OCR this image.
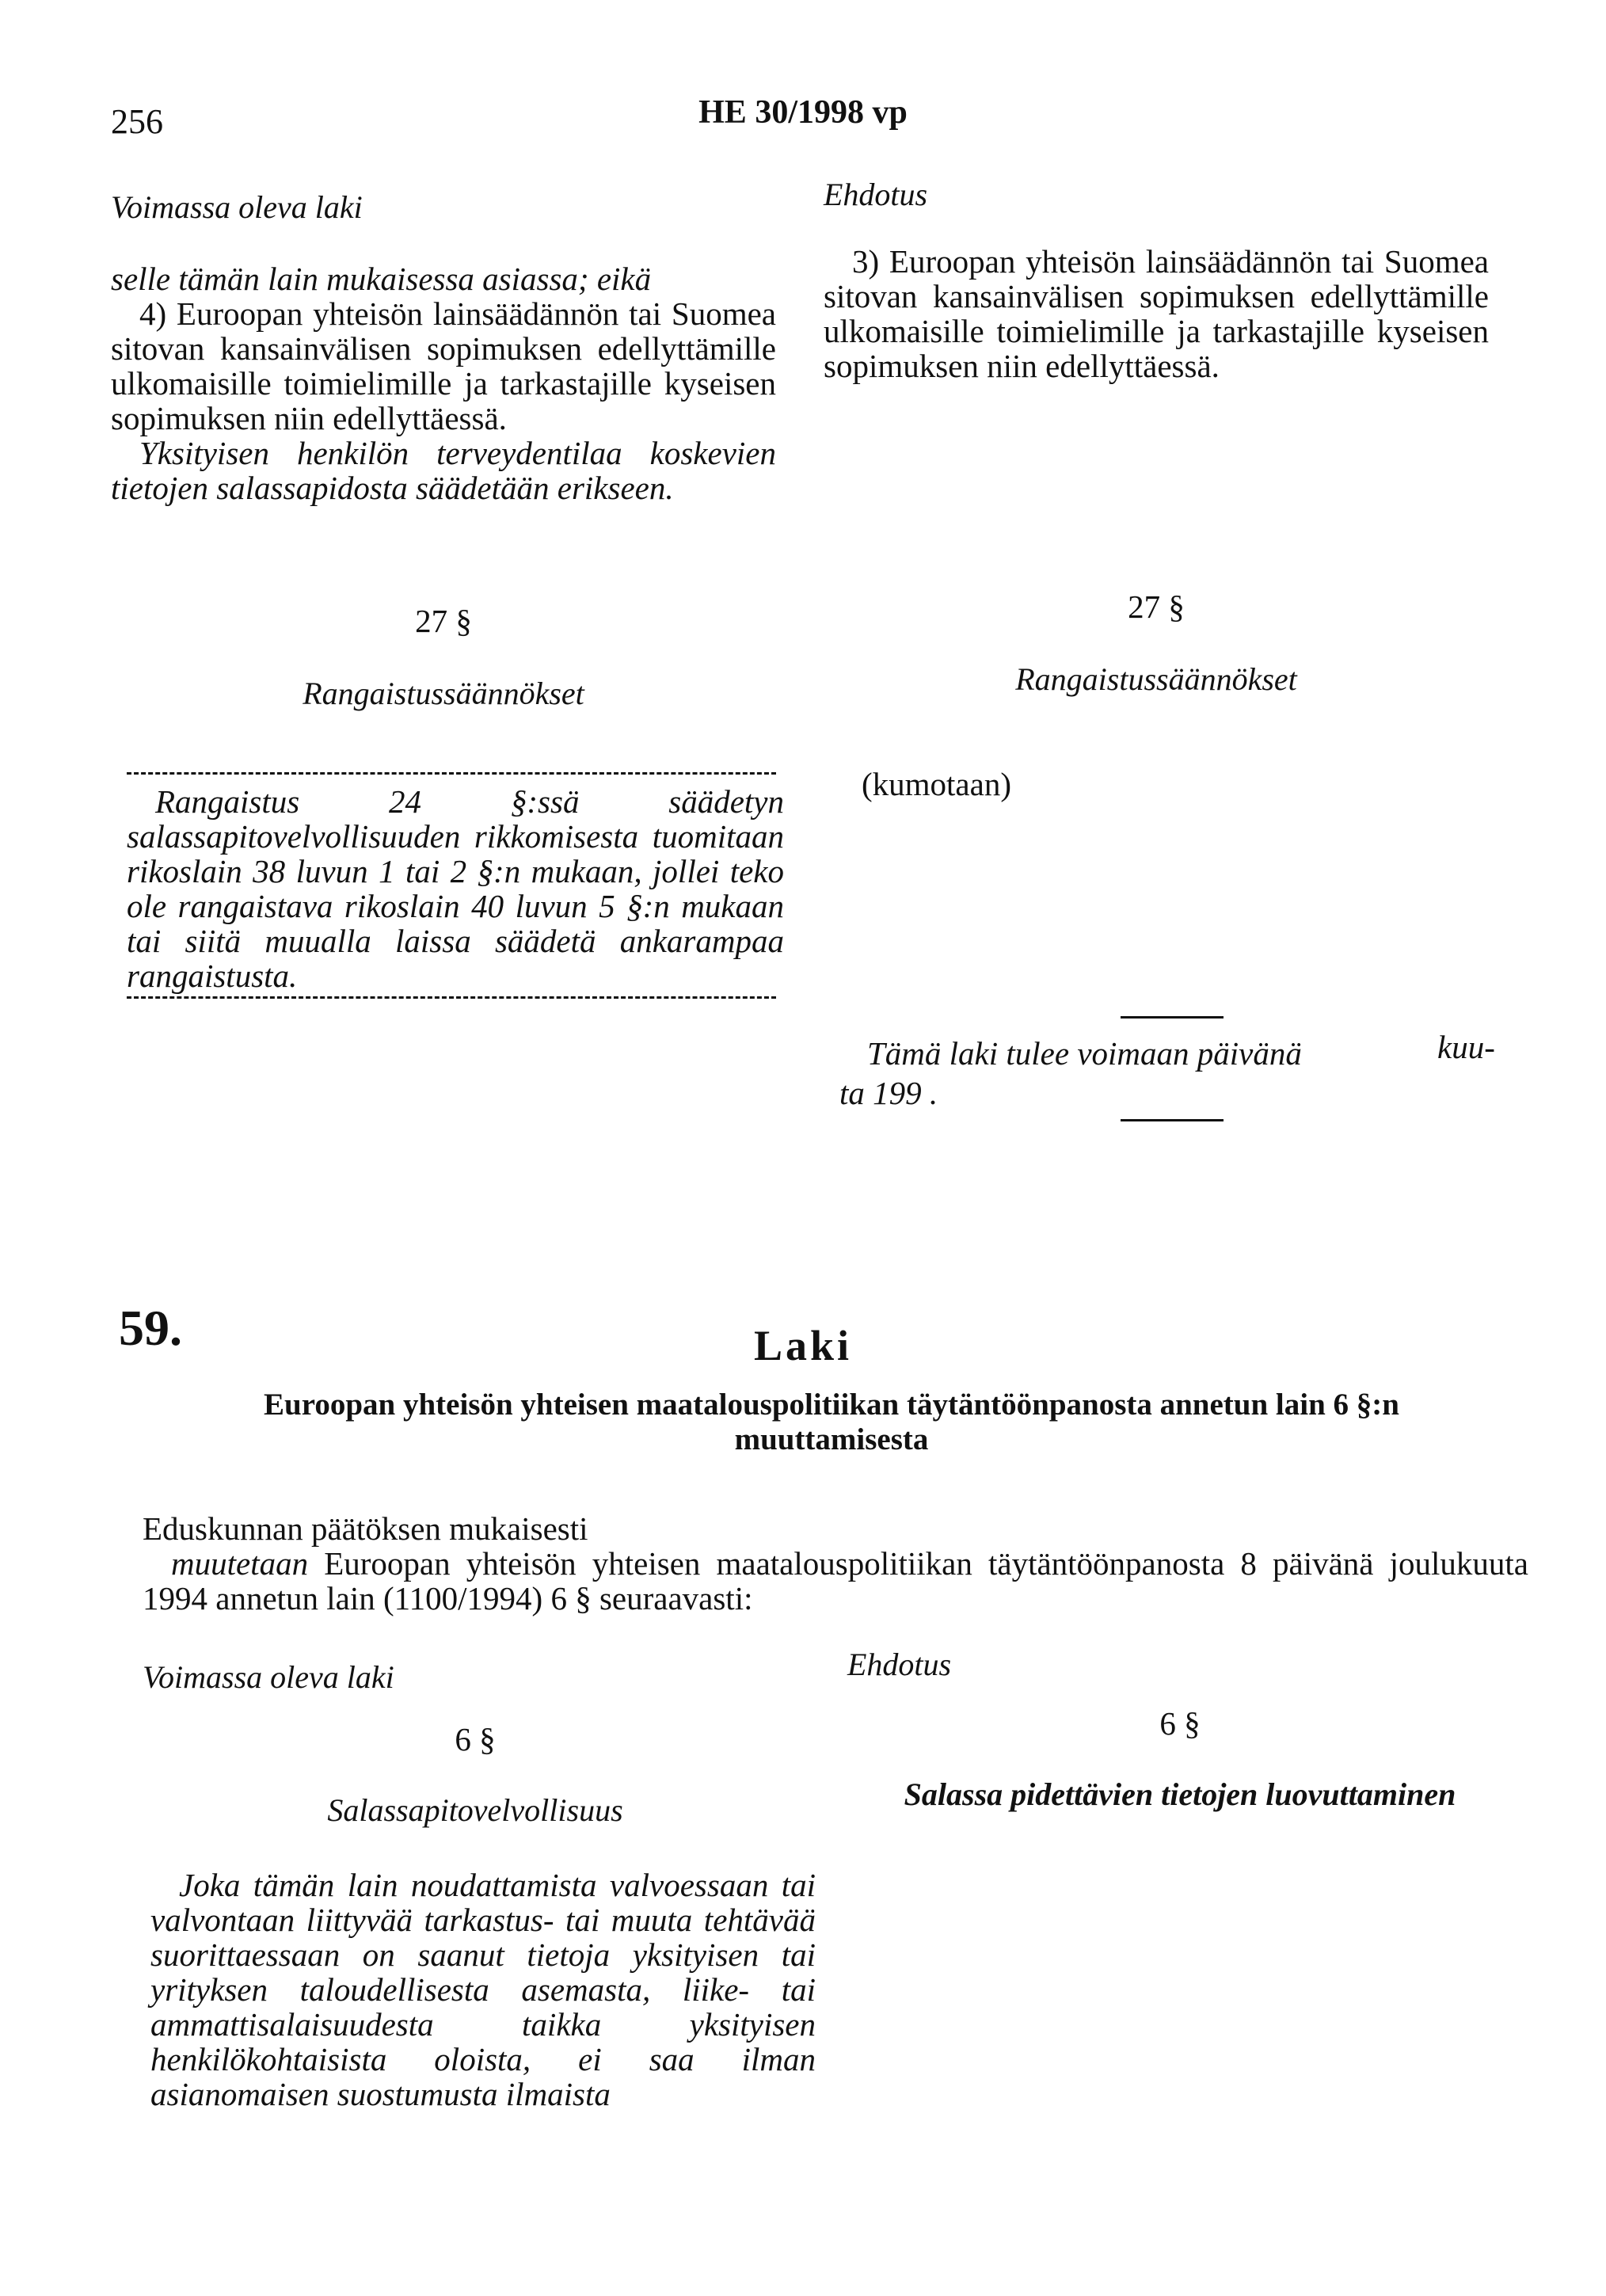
256	HE 30/1998 vp
Voimassa oleva laki	Ehdotus

selle tämän lain mukaisessa asiassa; eikä

4) Euroopan yhteisön lainsäädännön tai Suomea sitovan kansainvälisen sopimuksen edellyttämille ulkomaisille toimielimille ja tarkastajille kyseisen sopimuksen niin edellyttäessä.

Yksityisen henkilön terveydentilaa koskevien tietojen salassapidosta säädetään erikseen.

3) Euroopan yhteisön lainsäädännön tai Suomea sitovan kansainvälisen sopimuksen edellyttämille ulkomaisille toimielimille ja tarkastajille kyseisen sopimuksen niin edellyttäessä.

27 §	27 §
Rangaistussäännökset	Rangaistussäännökset

Rangaistus 24 §:ssä säädetyn salassapitovelvollisuuden rikkomisesta tuomitaan rikoslain 38 luvun 1 tai 2 §:n mukaan, jollei teko ole rangaistava rikoslain 40 luvun 5 §:n mukaan tai siitä muualla laissa säädetä ankarampaa rangaistusta.

(kumotaan)
Tämä laki tulee voimaan päivänä	kuu-
ta 199 .
59.	Laki
Euroopan yhteisön yhteisen maatalouspolitiikan täytäntöönpanosta annetun lain 6 §:n muuttamisesta

Eduskunnan päätöksen mukaisesti

muutetaan Euroopan yhteisön yhteisen maatalouspolitiikan täytäntöönpanosta 8 päivänä joulukuuta 1994 annetun lain (1100/1994) 6 § seuraavasti:

Voimassa oleva laki	Ehdotus
6 §	6 §
Salassapitovelvollisuus	Salassa pidettävien tietojen luovuttaminen

Joka tämän lain noudattamista valvoessaan tai valvontaan liittyvää tarkastus- tai muuta tehtävää suorittaessaan on saanut tietoja yksityisen tai yrityksen taloudellisesta asemasta, liike- tai ammattisalaisuudesta taikka yksityisen henkilökohtaisista oloista, ei saa ilman asianomaisen suostumusta ilmaista
